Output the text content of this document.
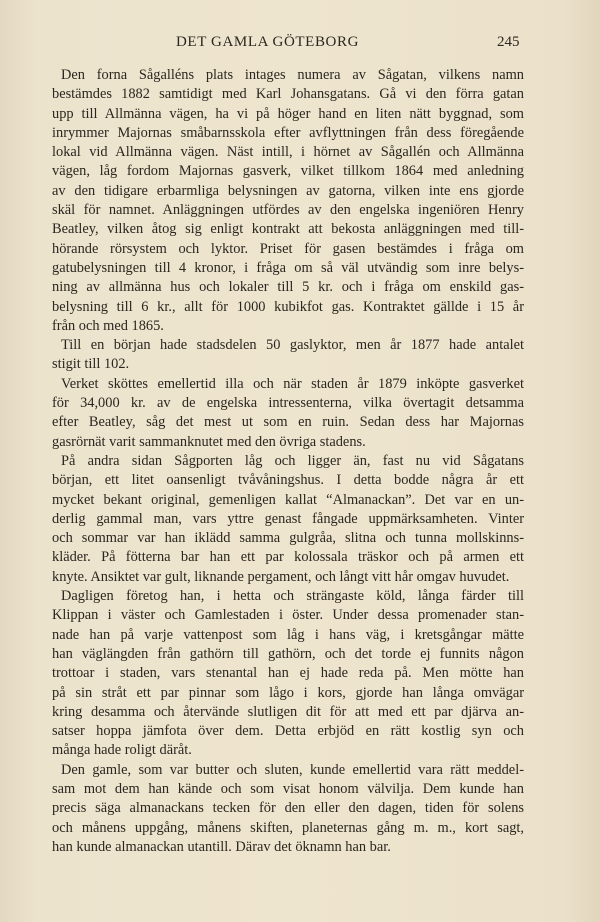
DET GAMLA GÖTEBORG	245
Den forna Sågalléns plats intages numera av Sågatan, vilkens namn
bestämdes 1882 samtidigt med Karl Johansgatans. Gå vi den förra gatan
upp till Allmänna vägen, ha vi på höger hand en liten nätt byggnad, som
inrymmer Majornas småbarnsskola efter avflyttningen från dess föregående
lokal vid Allmänna vägen. Näst intill, i hörnet av Sågallén och Allmänna
vägen, låg fordom Majornas gasverk, vilket tillkom 1864 med anledning
av den tidigare erbarmliga belysningen av gatorna, vilken inte ens gjorde
skäl för namnet. Anläggningen utfördes av den engelska ingeniören Henry
Beatley, vilken åtog sig enligt kontrakt att bekosta anläggningen med till-
hörande rörsystem och lyktor. Priset för gasen bestämdes i fråga om
gatubelysningen till 4 kronor, i fråga om så väl utvändig som inre belys-
ning av allmänna hus och lokaler till 5 kr. och i fråga om enskild gas-
belysning till 6 kr., allt för 1000 kubikfot gas. Kontraktet gällde i 15 år
från och med 1865.
Till en början hade stadsdelen 50 gaslyktor, men år 1877 hade antalet
stigit till 102.
Verket sköttes emellertid illa och när staden år 1879 inköpte gasverket
för 34,000 kr. av de engelska intressenterna, vilka övertagit detsamma
efter Beatley, såg det mest ut som en ruin. Sedan dess har Majornas
gasrörnät varit sammanknutet med den övriga stadens.
På andra sidan Sågporten låg och ligger än, fast nu vid Sågatans
början, ett litet oansenligt tvåvåningshus. I detta bodde några år ett
mycket bekant original, gemenligen kallat “Almanackan”. Det var en un-
derlig gammal man, vars yttre genast fångade uppmärksamheten. Vinter
och sommar var han iklädd samma gulgråa, slitna och tunna mollskinns-
kläder. På fötterna bar han ett par kolossala träskor och på armen ett
knyte. Ansiktet var gult, liknande pergament, och långt vitt hår omgav huvudet.
Dagligen företog han, i hetta och strängaste köld, långa färder till
Klippan i väster och Gamlestaden i öster. Under dessa promenader stan-
nade han på varje vattenpost som låg i hans väg, i kretsgångar mätte
han väglängden från gathörn till gathörn, och det torde ej funnits någon
trottoar i staden, vars stenantal han ej hade reda på. Men mötte han
på sin stråt ett par pinnar som lågo i kors, gjorde han långa omvägar
kring desamma och återvände slutligen dit för att med ett par djärva an-
satser hoppa jämfota över dem. Detta erbjöd en rätt kostlig syn och
många hade roligt däråt.
Den gamle, som var butter och sluten, kunde emellertid vara rätt meddel-
sam mot dem han kände och som visat honom välvilja. Dem kunde han
precis säga almanackans tecken för den eller den dagen, tiden för solens
och månens uppgång, månens skiften, planeternas gång m. m., kort sagt,
han kunde almanackan utantill. Därav det öknamn han bar.
